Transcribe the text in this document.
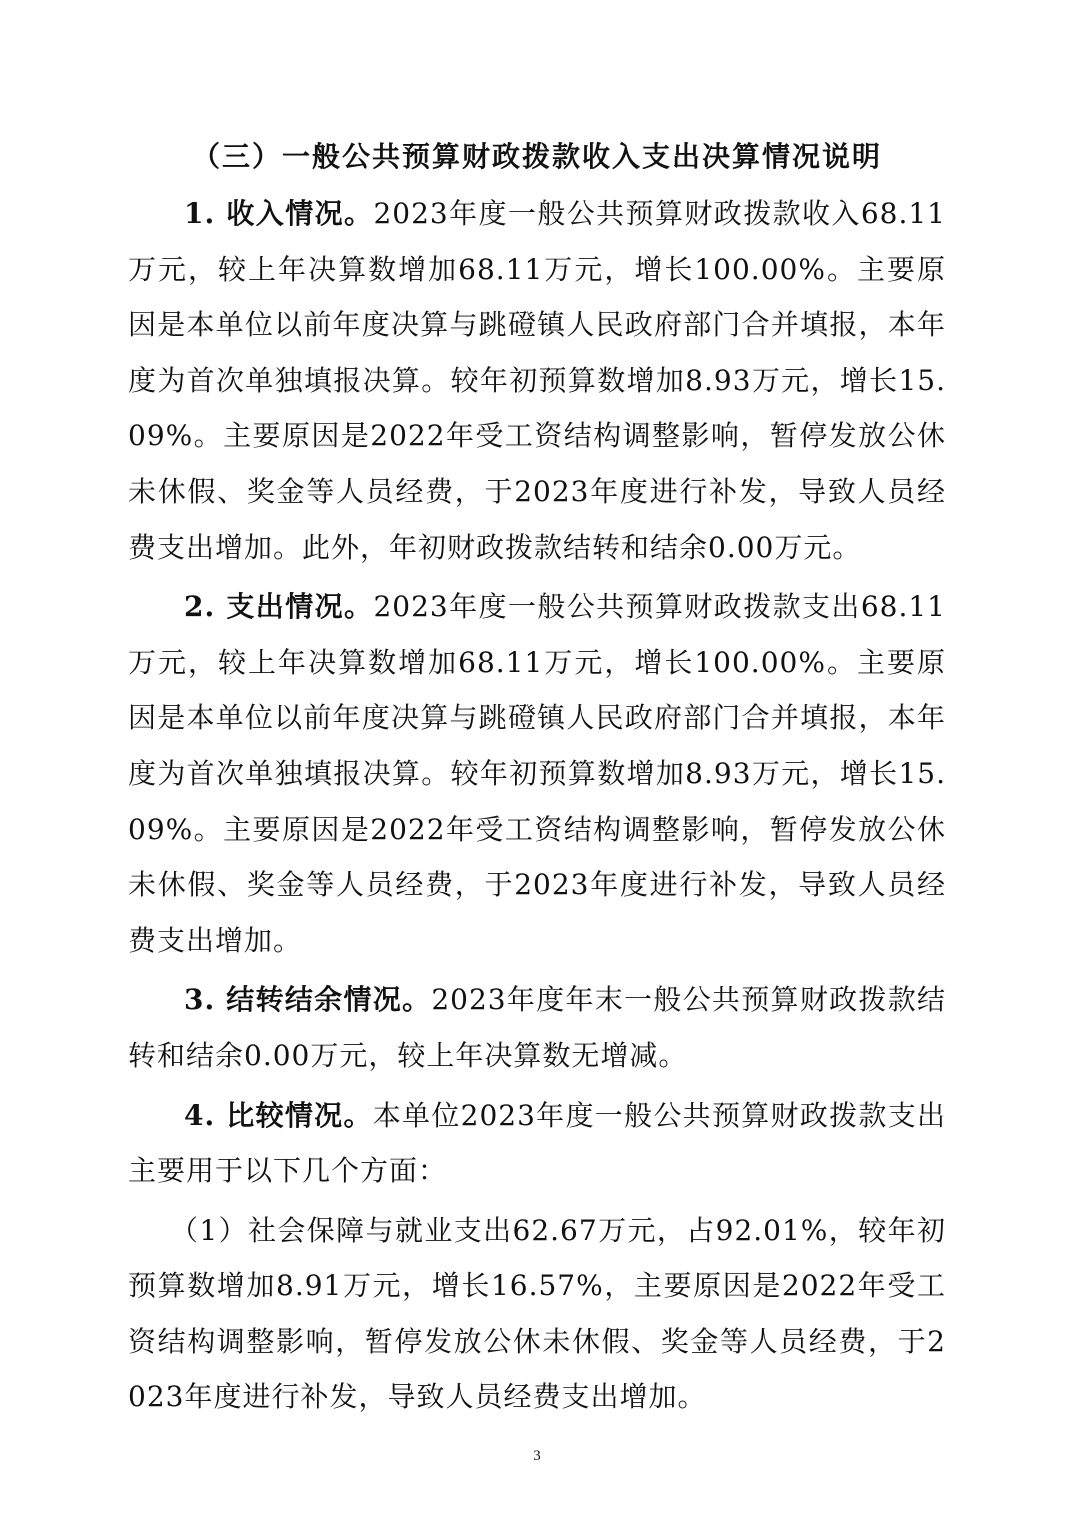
（三）一般公共预算财政拨款收入支出决算情况说明

1. 收入情况。2023年度一般公共预算财政拨款收入68.11万元，较上年决算数增加68.11万元，增长100.00%。主要原因是本单位以前年度决算与跳磴镇人民政府部门合并填报，本年度为首次单独填报决算。较年初预算数增加8.93万元，增长15.09%。主要原因是2022年受工资结构调整影响，暂停发放公休未休假、奖金等人员经费，于2023年度进行补发，导致人员经费支出增加。此外，年初财政拨款结转和结余0.00万元。

2. 支出情况。2023年度一般公共预算财政拨款支出68.11万元，较上年决算数增加68.11万元，增长100.00%。主要原因是本单位以前年度决算与跳磴镇人民政府部门合并填报，本年度为首次单独填报决算。较年初预算数增加8.93万元，增长15.09%。主要原因是2022年受工资结构调整影响，暂停发放公休未休假、奖金等人员经费，于2023年度进行补发，导致人员经费支出增加。

3. 结转结余情况。2023年度年末一般公共预算财政拨款结转和结余0.00万元，较上年决算数无增减。

4. 比较情况。本单位2023年度一般公共预算财政拨款支出主要用于以下几个方面：

（1）社会保障与就业支出62.67万元，占92.01%，较年初预算数增加8.91万元，增长16.57%，主要原因是2022年受工资结构调整影响，暂停发放公休未休假、奖金等人员经费，于2023年度进行补发，导致人员经费支出增加。

3
